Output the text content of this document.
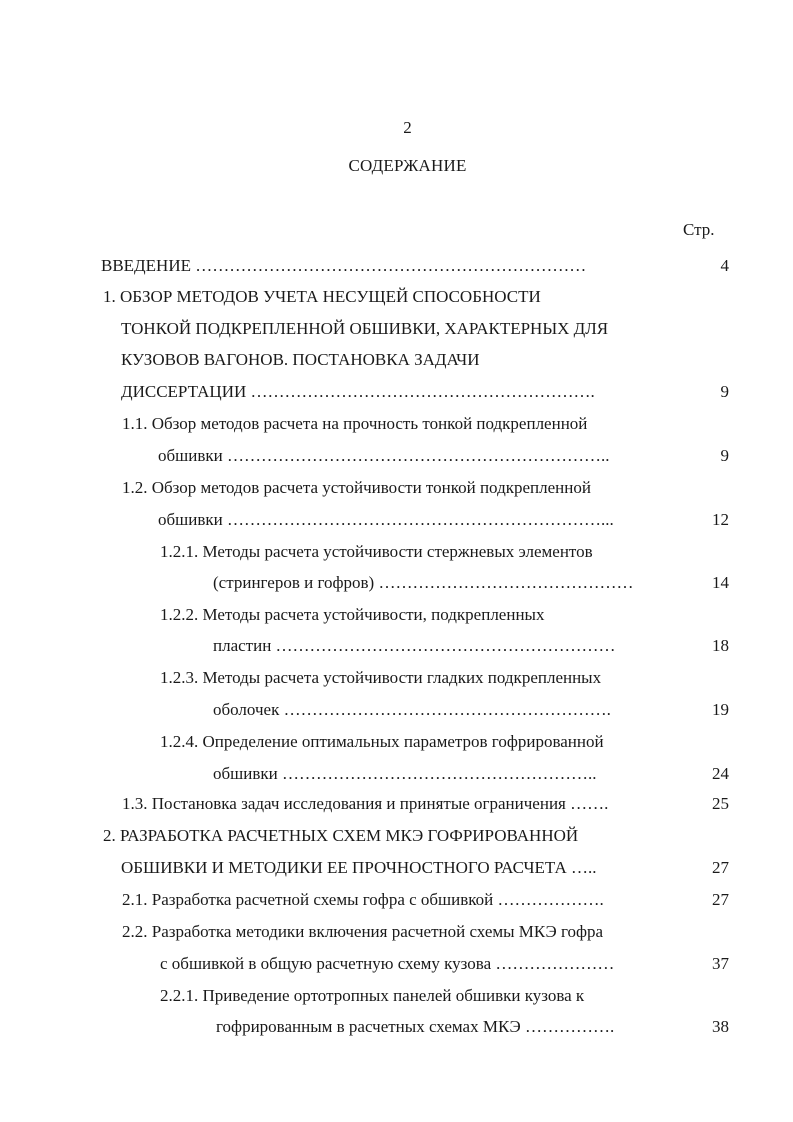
2
СОДЕРЖАНИЕ
Стр.
ВВЕДЕНИЕ ……………………………………………………………	4
1. ОБЗОР МЕТОДОВ УЧЕТА НЕСУЩЕЙ СПОСОБНОСТИ
ТОНКОЙ ПОДКРЕПЛЕННОЙ ОБШИВКИ, ХАРАКТЕРНЫХ ДЛЯ
КУЗОВОВ ВАГОНОВ. ПОСТАНОВКА ЗАДАЧИ
ДИССЕРТАЦИИ …………………………………………………….	9
1.1. Обзор методов расчета на прочность тонкой подкрепленной
обшивки …………………………………………………………..	9
1.2. Обзор методов расчета устойчивости тонкой подкрепленной
обшивки …………………………………………………………...	12
1.2.1. Методы расчета устойчивости стержневых элементов
(стрингеров и гофров) ………………………………………	14
1.2.2. Методы расчета устойчивости, подкрепленных
пластин ……………………………………………………	18
1.2.3. Методы расчета устойчивости гладких подкрепленных
оболочек ………………………………………………….	19
1.2.4. Определение оптимальных параметров гофрированной
обшивки ………………………………………………..	24
1.3. Постановка задач исследования и принятые ограничения …….	25
2. РАЗРАБОТКА РАСЧЕТНЫХ СХЕМ МКЭ ГОФРИРОВАННОЙ
ОБШИВКИ И МЕТОДИКИ ЕЕ ПРОЧНОСТНОГО РАСЧЕТА …..	27
2.1. Разработка расчетной схемы гофра с обшивкой ……………….	27
2.2. Разработка методики включения расчетной схемы МКЭ гофра
с обшивкой в общую расчетную схему кузова …………………	37
2.2.1. Приведение ортотропных панелей обшивки кузова к
гофрированным в расчетных схемах МКЭ …………….	38
